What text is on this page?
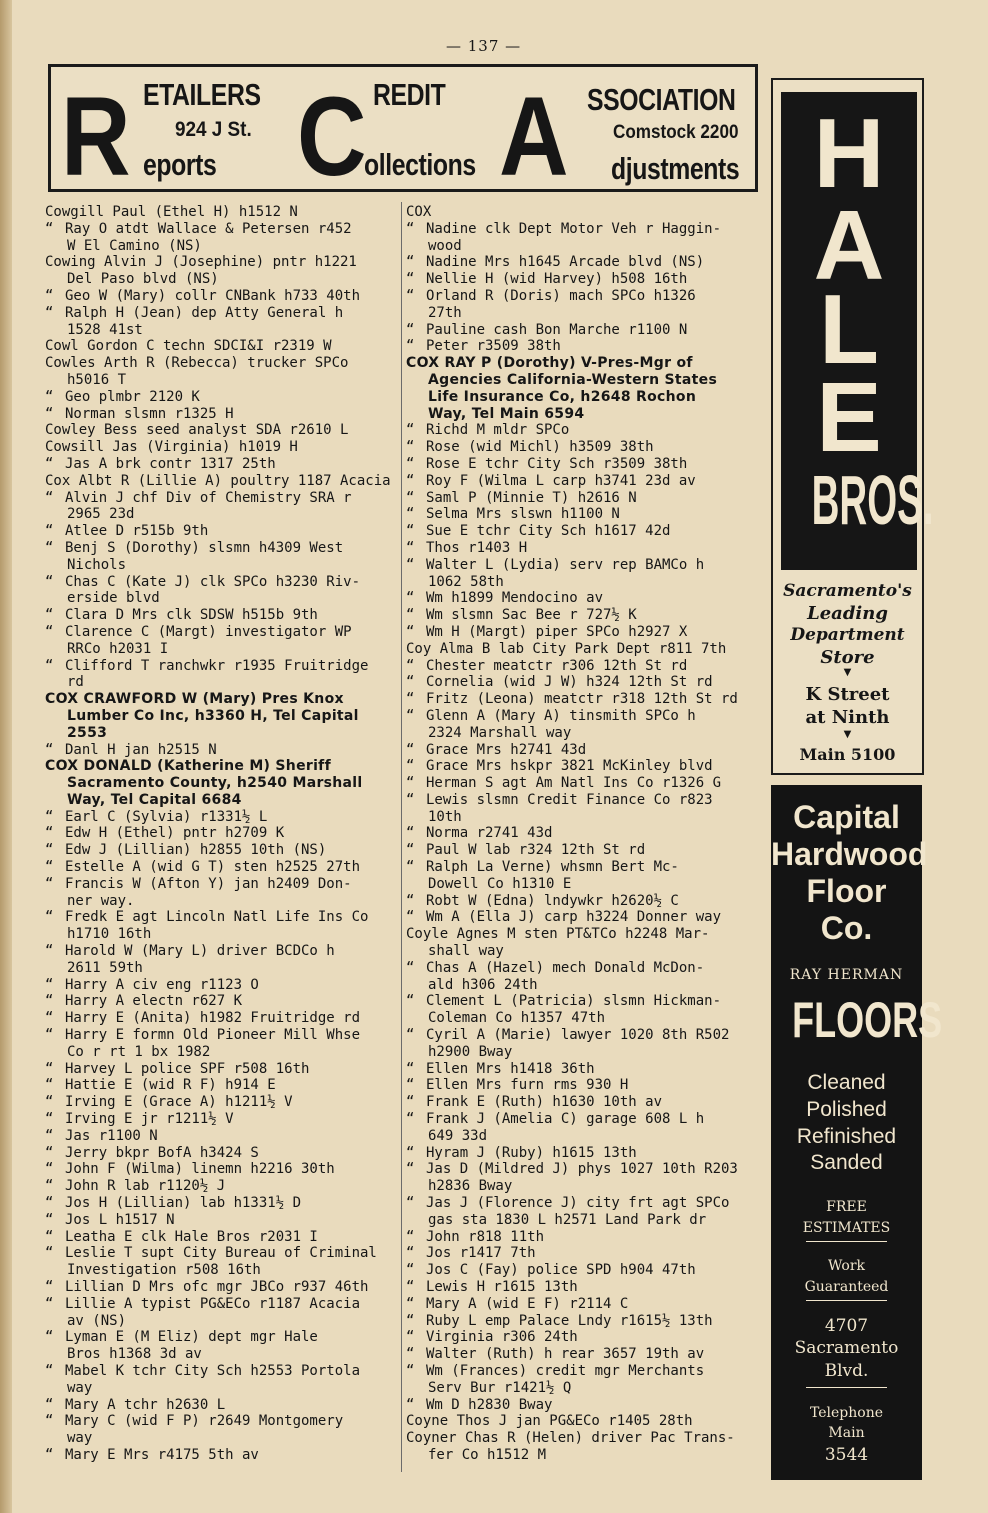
— 137 —
R ETAILERS
924 J St.
eports C REDIT
ollections A SSOCIATION
Comstock 2200
djustments
Cowgill Paul (Ethel H) h1512 N
“ Ray O atdt Wallace & Petersen r452
W El Camino (NS)
Cowing Alvin J (Josephine) pntr h1221
Del Paso blvd (NS)
“ Geo W (Mary) collr CNBank h733 40th
“ Ralph H (Jean) dep Atty General h
1528 41st
Cowl Gordon C techn SDCI&I r2319 W
Cowles Arth R (Rebecca) trucker SPCo
h5016 T
“ Geo plmbr 2120 K
“ Norman slsmn r1325 H
Cowley Bess seed analyst SDA r2610 L
Cowsill Jas (Virginia) h1019 H
“ Jas A brk contr 1317 25th
Cox Albt R (Lillie A) poultry 1187 Acacia
“ Alvin J chf Div of Chemistry SRA r
2965 23d
“ Atlee D r515b 9th
“ Benj S (Dorothy) slsmn h4309 West
Nichols
“ Chas C (Kate J) clk SPCo h3230 Riv-
erside blvd
“ Clara D Mrs clk SDSW h515b 9th
“ Clarence C (Margt) investigator WP
RRCo h2031 I
“ Clifford T ranchwkr r1935 Fruitridge
rd
COX CRAWFORD W (Mary) Pres Knox
Lumber Co Inc, h3360 H, Tel Capital
2553
“ Danl H jan h2515 N
COX DONALD (Katherine M) Sheriff
Sacramento County, h2540 Marshall
Way, Tel Capital 6684
“ Earl C (Sylvia) r1331½ L
“ Edw H (Ethel) pntr h2709 K
“ Edw J (Lillian) h2855 10th (NS)
“ Estelle A (wid G T) sten h2525 27th
“ Francis W (Afton Y) jan h2409 Don-
ner way.
“ Fredk E agt Lincoln Natl Life Ins Co
h1710 16th
“ Harold W (Mary L) driver BCDCo h
2611 59th
“ Harry A civ eng r1123 O
“ Harry A electn r627 K
“ Harry E (Anita) h1982 Fruitridge rd
“ Harry E formn Old Pioneer Mill Whse
Co r rt 1 bx 1982
“ Harvey L police SPF r508 16th
“ Hattie E (wid R F) h914 E
“ Irving E (Grace A) h1211½ V
“ Irving E jr r1211½ V
“ Jas r1100 N
“ Jerry bkpr BofA h3424 S
“ John F (Wilma) linemn h2216 30th
“ John R lab r1120½ J
“ Jos H (Lillian) lab h1331½ D
“ Jos L h1517 N
“ Leatha E clk Hale Bros r2031 I
“ Leslie T supt City Bureau of Criminal
Investigation r508 16th
“ Lillian D Mrs ofc mgr JBCo r937 46th
“ Lillie A typist PG&ECo r1187 Acacia
av (NS)
“ Lyman E (M Eliz) dept mgr Hale
Bros h1368 3d av
“ Mabel K tchr City Sch h2553 Portola
way
“ Mary A tchr h2630 L
“ Mary C (wid F P) r2649 Montgomery
way
“ Mary E Mrs r4175 5th av
COX
“ Nadine clk Dept Motor Veh r Haggin-
wood
“ Nadine Mrs h1645 Arcade blvd (NS)
“ Nellie H (wid Harvey) h508 16th
“ Orland R (Doris) mach SPCo h1326
27th
“ Pauline cash Bon Marche r1100 N
“ Peter r3509 38th
COX RAY P (Dorothy) V-Pres-Mgr of
Agencies California-Western States
Life Insurance Co, h2648 Rochon
Way, Tel Main 6594
“ Richd M mldr SPCo
“ Rose (wid Michl) h3509 38th
“ Rose E tchr City Sch r3509 38th
“ Roy F (Wilma L carp h3741 23d av
“ Saml P (Minnie T) h2616 N
“ Selma Mrs slswn h1100 N
“ Sue E tchr City Sch h1617 42d
“ Thos r1403 H
“ Walter L (Lydia) serv rep BAMCo h
1062 58th
“ Wm h1899 Mendocino av
“ Wm slsmn Sac Bee r 727½ K
“ Wm H (Margt) piper SPCo h2927 X
Coy Alma B lab City Park Dept r811 7th
“ Chester meatctr r306 12th St rd
“ Cornelia (wid J W) h324 12th St rd
“ Fritz (Leona) meatctr r318 12th St rd
“ Glenn A (Mary A) tinsmith SPCo h
2324 Marshall way
“ Grace Mrs h2741 43d
“ Grace Mrs hskpr 3821 McKinley blvd
“ Herman S agt Am Natl Ins Co r1326 G
“ Lewis slsmn Credit Finance Co r823
10th
“ Norma r2741 43d
“ Paul W lab r324 12th St rd
“ Ralph La Verne) whsmn Bert Mc-
Dowell Co h1310 E
“ Robt W (Edna) lndywkr h2620½ C
“ Wm A (Ella J) carp h3224 Donner way
Coyle Agnes M sten PT&TCo h2248 Mar-
shall way
“ Chas A (Hazel) mech Donald McDon-
ald h306 24th
“ Clement L (Patricia) slsmn Hickman-
Coleman Co h1357 47th
“ Cyril A (Marie) lawyer 1020 8th R502
h2900 Bway
“ Ellen Mrs h1418 36th
“ Ellen Mrs furn rms 930 H
“ Frank E (Ruth) h1630 10th av
“ Frank J (Amelia C) garage 608 L h
649 33d
“ Hyram J (Ruby) h1615 13th
“ Jas D (Mildred J) phys 1027 10th R203
h2836 Bway
“ Jas J (Florence J) city frt agt SPCo
gas sta 1830 L h2571 Land Park dr
“ John r818 11th
“ Jos r1417 7th
“ Jos C (Fay) police SPD h904 47th
“ Lewis H r1615 13th
“ Mary A (wid E F) r2114 C
“ Ruby L emp Palace Lndy r1615½ 13th
“ Virginia r306 24th
“ Walter (Ruth) h rear 3657 19th av
“ Wm (Frances) credit mgr Merchants
Serv Bur r1421½ Q
“ Wm D h2830 Bway
Coyne Thos J jan PG&ECo r1405 28th
Coyner Chas R (Helen) driver Pac Trans-
fer Co h1512 M
H
A
L
E
BROS.
Sacramento's
Leading
Department
Store
▼
K Street
at Ninth
▼
Main 5100
Capital
Hardwood
Floor
Co.
RAY HERMAN
FLOORS
Cleaned
Polished
Refinished
Sanded
FREE
ESTIMATES
Work
Guaranteed
4707
Sacramento
Blvd.
Telephone
Main
3544
